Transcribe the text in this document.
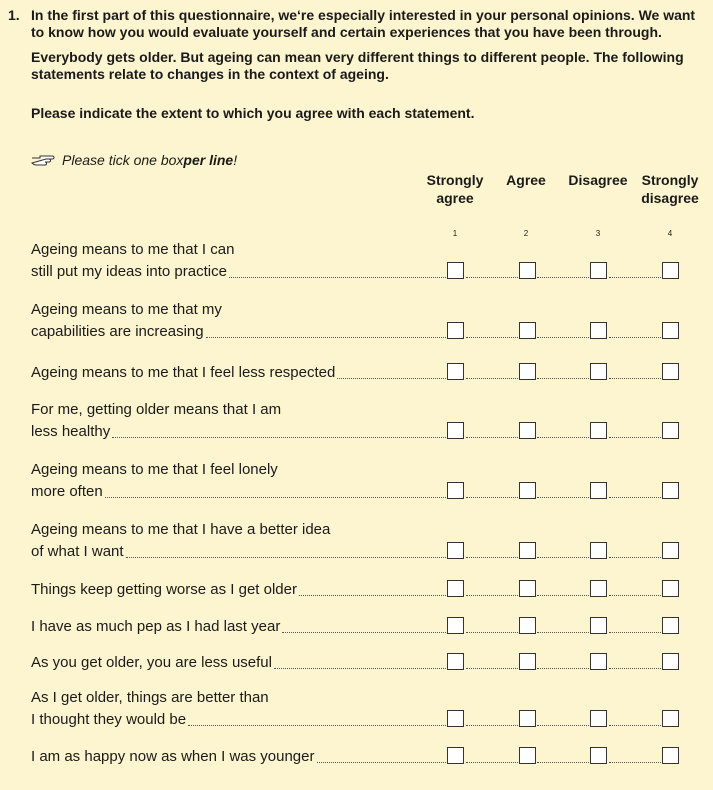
1. In the first part of this questionnaire, we‘re especially interested in your personal opinions. We want to know how you would evaluate yourself and certain experiences that you have been through.

Everybody gets older. But ageing can mean very different things to different people. The following statements relate to changes in the context of ageing.

Please indicate the extent to which you agree with each statement.

Please tick one box per line !
Strongly
agree
1
Agree
2
Disagree
3
Strongly
disagree
4
Ageing means to me that I can
still put my ideas into practice
Ageing means to me that my
capabilities are increasing
Ageing means to me that I feel less respected
For me, getting older means that I am
less healthy
Ageing means to me that I feel lonely
more often
Ageing means to me that I have a better idea
of what I want
Things keep getting worse as I get older
I have as much pep as I had last year
As you get older, you are less useful
As I get older, things are better than
I thought they would be
I am as happy now as when I was younger
